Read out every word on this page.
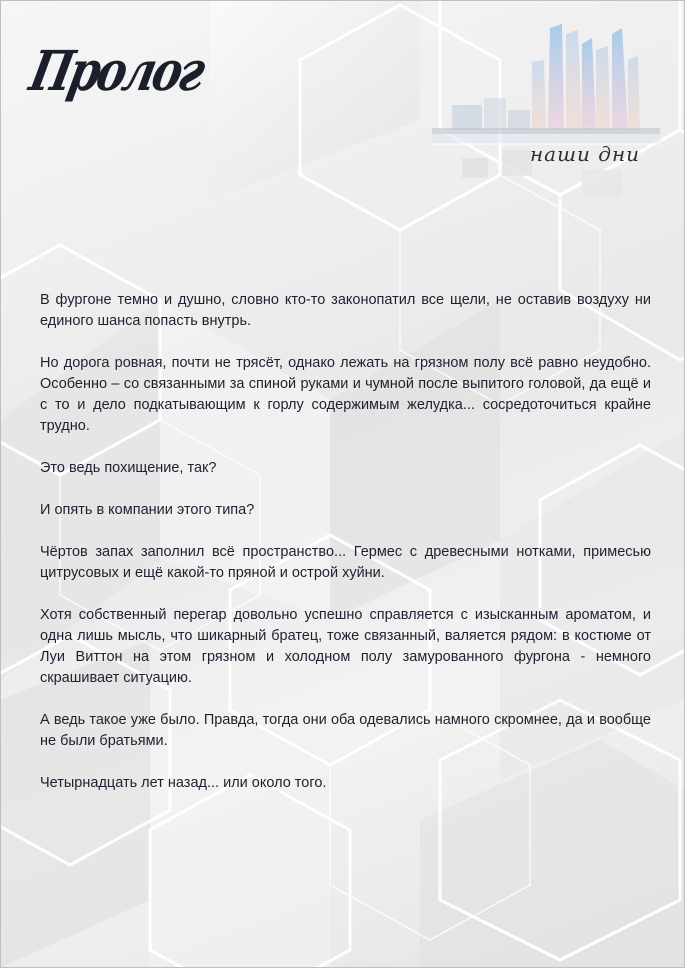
Пролог
наши дни

В фургоне темно и душно, словно кто-то законопатил все щели, не оставив воздуху ни единого шанса попасть внутрь.

Но дорога ровная, почти не трясёт, однако лежать на грязном полу всё равно неудобно. Особенно – со связанными за спиной руками и чумной после выпитого головой, да ещё и с то и дело подкатывающим к горлу содержимым желудка... сосредоточиться крайне трудно.

Это ведь похищение, так?

И опять в компании этого типа?

Чёртов запах заполнил всё пространство... Гермес с древесными нотками, примесью цитрусовых и ещё какой-то пряной и острой хуйни.

Хотя собственный перегар довольно успешно справляется с изысканным ароматом, и одна лишь мысль, что шикарный братец, тоже связанный, валяется рядом: в костюме от Луи Виттон на этом грязном и холодном полу замурованного фургона - немного скрашивает ситуацию.

А ведь такое уже было. Правда, тогда они оба одевались намного скромнее, да и вообще не были братьями.

Четырнадцать лет назад... или около того.
